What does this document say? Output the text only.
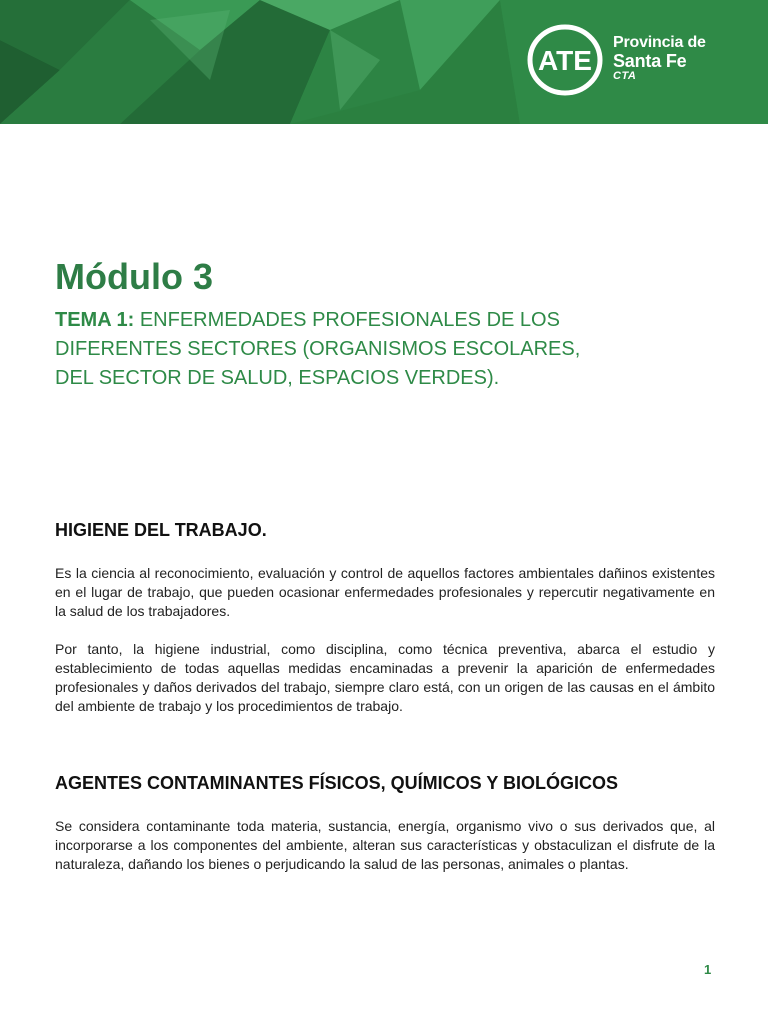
ATE
Provincia de
Santa Fe
CTA
Módulo 3

TEMA 1: ENFERMEDADES PROFESIONALES DE LOS
DIFERENTES SECTORES (ORGANISMOS ESCOLARES,
DEL SECTOR DE SALUD, ESPACIOS VERDES).

HIGIENE DEL TRABAJO.

Es la ciencia al reconocimiento, evaluación y control de aquellos factores ambientales dañinos existentes en el lugar de trabajo, que pueden ocasionar enfermedades profesionales y repercutir negativamente en la salud de los trabajadores.

Por tanto, la higiene industrial, como disciplina, como técnica preventiva, abarca el estudio y establecimiento de todas aquellas medidas encaminadas a prevenir la aparición de enfermedades profesionales y daños derivados del trabajo, siempre claro está, con un origen de las causas en el ámbito del ambiente de trabajo y los procedimientos de trabajo.

AGENTES CONTAMINANTES FÍSICOS, QUÍMICOS Y BIOLÓGICOS

Se considera contaminante toda materia, sustancia, energía, organismo vivo o sus derivados que, al incorporarse a los componentes del ambiente, alteran sus características y obstaculizan el disfrute de la naturaleza, dañando los bienes o perjudicando la salud de las personas, animales o plantas.

1
